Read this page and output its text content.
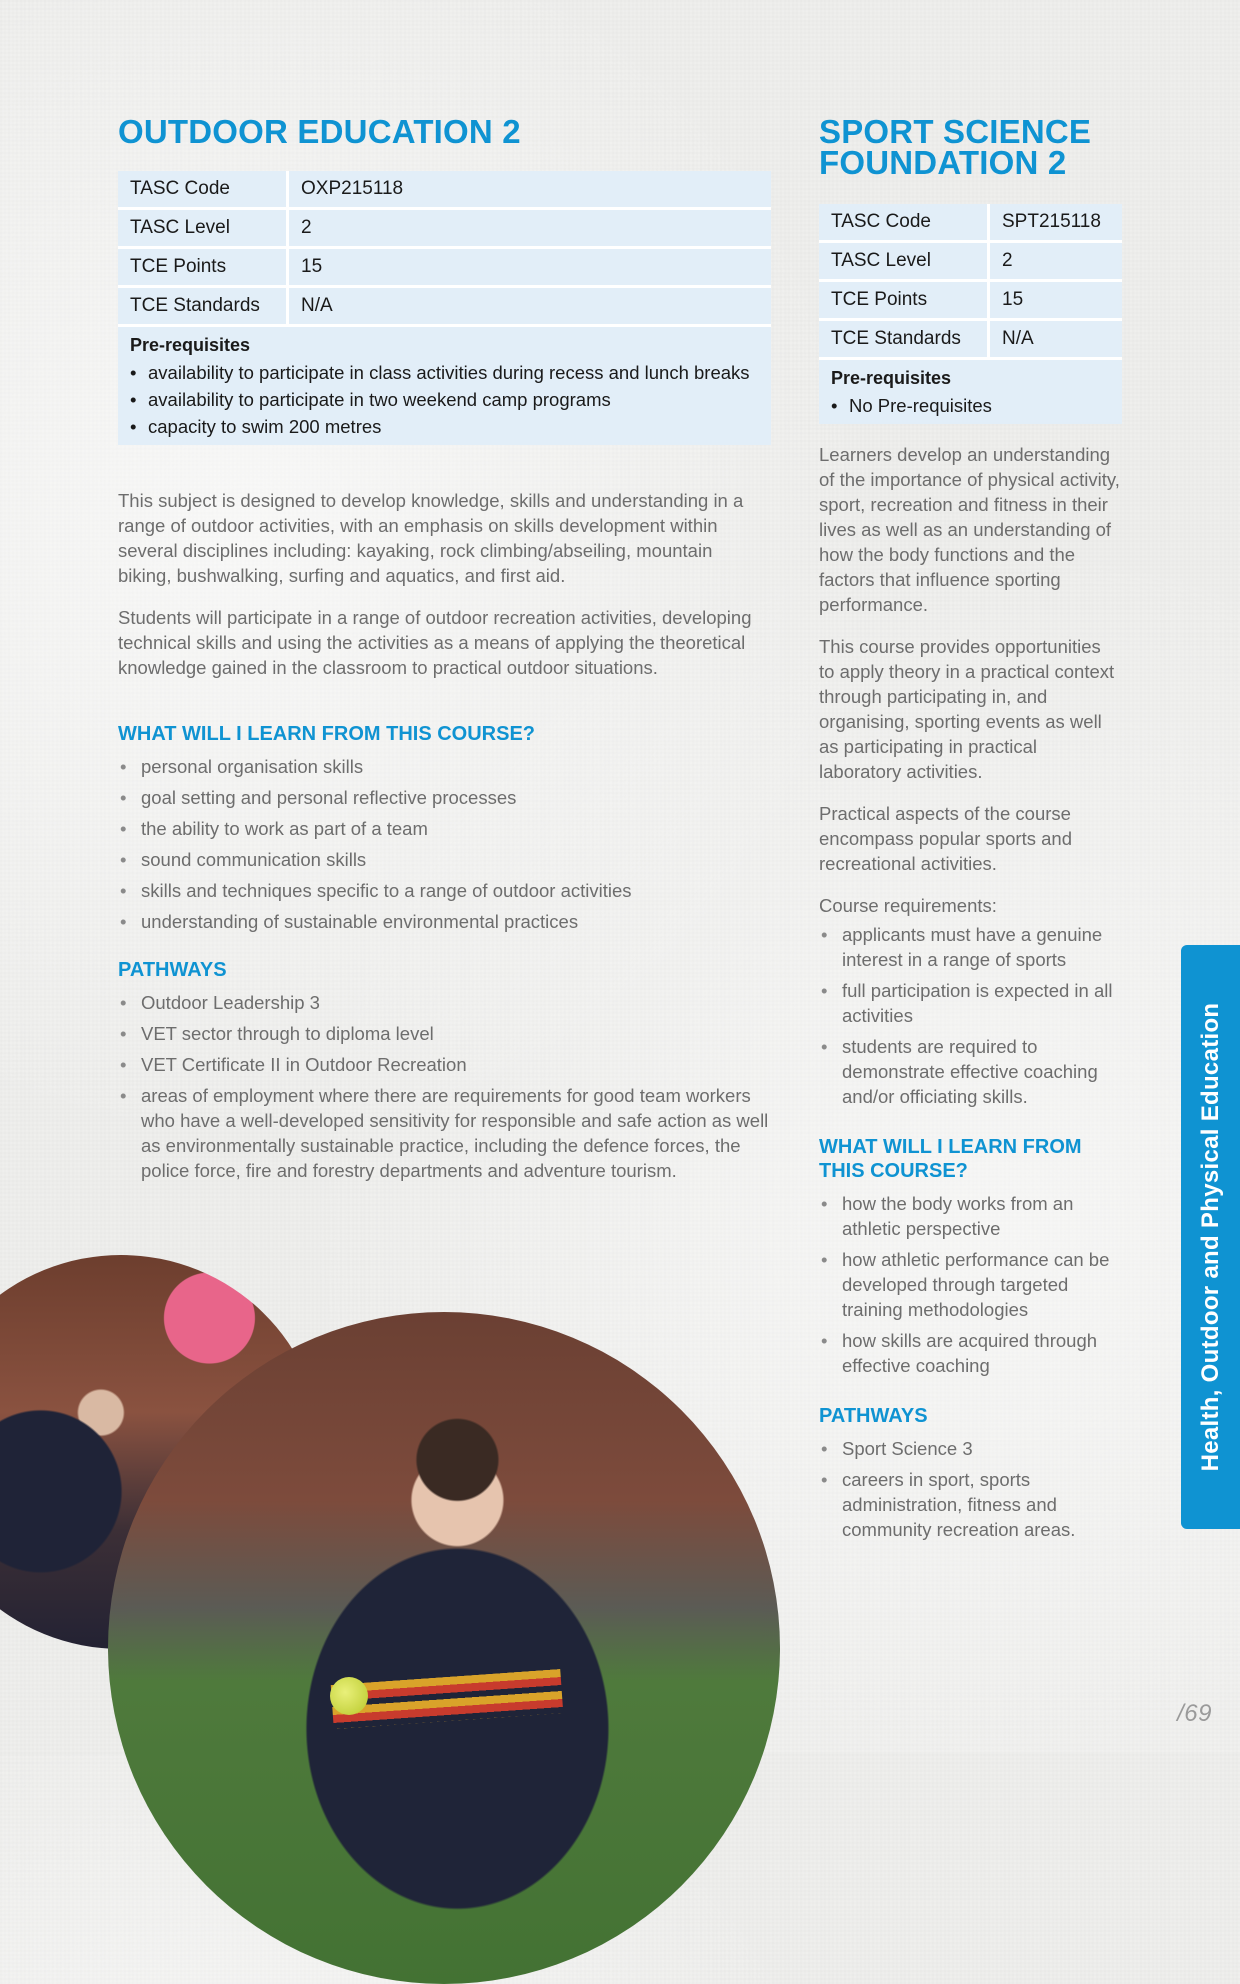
OUTDOOR EDUCATION 2
TASC Code	OXP215118
TASC Level	2
TCE Points	15
TCE Standards	N/A
Pre-requisites
• availability to participate in class activities during recess and lunch breaks
• availability to participate in two weekend camp programs
• capacity to swim 200 metres

This subject is designed to develop knowledge, skills and understanding in a range of outdoor activities, with an emphasis on skills development within several disciplines including: kayaking, rock climbing/abseiling, mountain biking, bushwalking, surfing and aquatics, and first aid.

Students will participate in a range of outdoor recreation activities, developing technical skills and using the activities as a means of applying the theoretical knowledge gained in the classroom to practical outdoor situations.

WHAT WILL I LEARN FROM THIS COURSE?
• personal organisation skills
• goal setting and personal reflective processes
• the ability to work as part of a team
• sound communication skills
• skills and techniques specific to a range of outdoor activities
• understanding of sustainable environmental practices
PATHWAYS
• Outdoor Leadership 3
• VET sector through to diploma level
• VET Certificate II in Outdoor Recreation
• areas of employment where there are requirements for good team workers who have a well-developed sensitivity for responsible and safe action as well as environmentally sustainable practice, including the defence forces, the police force, fire and forestry departments and adventure tourism.
SPORT SCIENCE FOUNDATION 2
TASC Code	SPT215118
TASC Level	2
TCE Points	15
TCE Standards	N/A
Pre-requisites
• No Pre-requisites

Learners develop an understanding of the importance of physical activity, sport, recreation and fitness in their lives as well as an understanding of how the body functions and the factors that influence sporting performance.

This course provides opportunities to apply theory in a practical context through participating in, and organising, sporting events as well as participating in practical laboratory activities.

Practical aspects of the course encompass popular sports and recreational activities.

Course requirements:

• applicants must have a genuine interest in a range of sports
• full participation is expected in all activities
• students are required to demonstrate effective coaching and/or officiating skills.
WHAT WILL I LEARN FROM THIS COURSE?
• how the body works from an athletic perspective
• how athletic performance can be developed through targeted training methodologies
• how skills are acquired through effective coaching
PATHWAYS
• Sport Science 3
• careers in sport, sports administration, fitness and community recreation areas.
Health, Outdoor and Physical Education
/69
